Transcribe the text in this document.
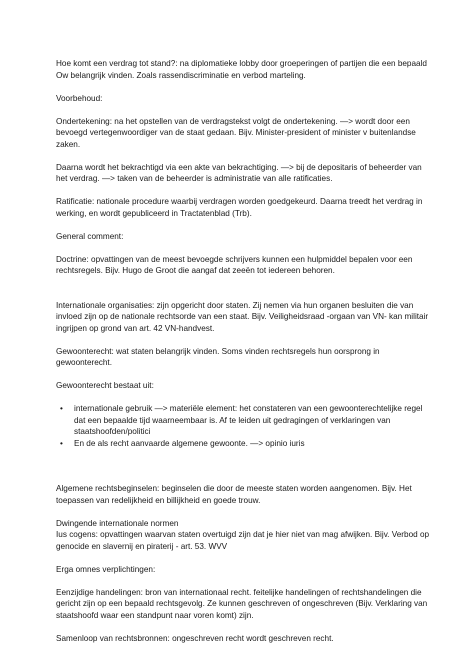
Hoe komt een verdrag tot stand?: na diplomatieke lobby door groeperingen of partijen die een bepaald Ow belangrijk vinden. Zoals rassendiscriminatie en verbod marteling.

Voorbehoud:

Ondertekening: na het opstellen van de verdragstekst volgt de ondertekening. —> wordt door een bevoegd vertegenwoordiger van de staat gedaan. Bijv. Minister-president of minister v buitenlandse zaken.

Daarna wordt het bekrachtigd via een akte van bekrachtiging. —> bij de depositaris of beheerder van het verdrag. —> taken van de beheerder is administratie van alle ratificaties.

Ratificatie: nationale procedure waarbij verdragen worden goedgekeurd. Daarna treedt het verdrag in werking, en wordt gepubliceerd in Tractatenblad (Trb).

General comment:

Doctrine: opvattingen van de meest bevoegde schrijvers kunnen een hulpmiddel bepalen voor een rechtsregels. Bijv. Hugo de Groot die aangaf dat zeeën tot iedereen behoren.

Internationale organisaties: zijn opgericht door staten. Zij nemen via hun organen besluiten die van invloed zijn op de nationale rechtsorde van een staat. Bijv. Veiligheidsraad -orgaan van VN- kan militair ingrijpen op grond van art. 42 VN-handvest.

Gewoonterecht: wat staten belangrijk vinden. Soms vinden rechtsregels hun oorsprong in gewoonterecht.

Gewoonterecht bestaat uit:

• internationale gebruik —> materiële element: het constateren van een gewoonterechtelijke regel dat een bepaalde tijd waarneembaar is. Af te leiden uit gedragingen of verklaringen van staatshoofden/politici
• En de als recht aanvaarde algemene gewoonte. —> opinio iuris

Algemene rechtsbeginselen: beginselen die door de meeste staten worden aangenomen. Bijv. Het toepassen van redelijkheid en billijkheid en goede trouw.

Dwingende internationale normen

Ius cogens: opvattingen waarvan staten overtuigd zijn dat je hier niet van mag afwijken. Bijv. Verbod op genocide en slavernij en piraterij - art. 53. WVV

Erga omnes verplichtingen:

Eenzijdige handelingen: bron van internationaal recht. feitelijke handelingen of rechtshandelingen die gericht zijn op een bepaald rechtsgevolg. Ze kunnen geschreven of ongeschreven (Bijv. Verklaring van staatshoofd waar een standpunt naar voren komt) zijn.

Samenloop van rechtsbronnen: ongeschreven recht wordt geschreven recht.
